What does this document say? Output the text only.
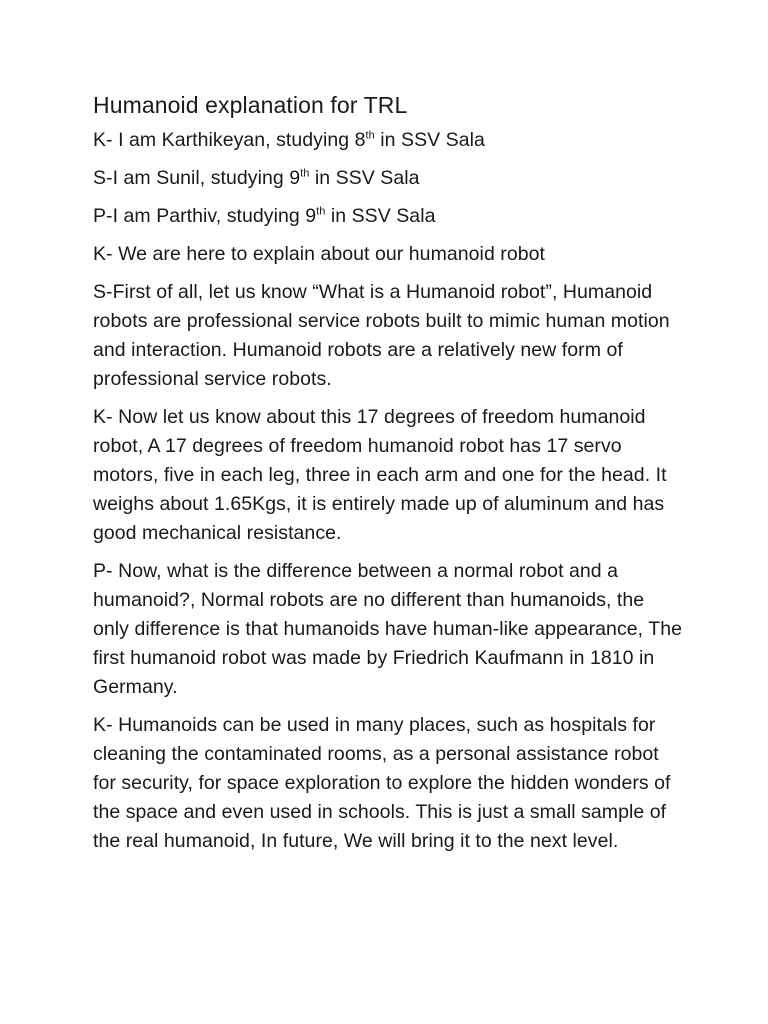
Humanoid explanation for TRL

K- I am Karthikeyan, studying 8th in SSV Sala

S-I am Sunil, studying 9th in SSV Sala

P-I am Parthiv, studying 9th in SSV Sala

K- We are here to explain about our humanoid robot

S-First of all, let us know “What is a Humanoid robot”, Humanoid robots are professional service robots built to mimic human motion and interaction. Humanoid robots are a relatively new form of professional service robots.

K- Now let us know about this 17 degrees of freedom humanoid robot, A 17 degrees of freedom humanoid robot has 17 servo motors, five in each leg, three in each arm and one for the head. It weighs about 1.65Kgs, it is entirely made up of aluminum and has good mechanical resistance.

P- Now, what is the difference between a normal robot and a humanoid?, Normal robots are no different than humanoids, the only difference is that humanoids have human-like appearance, The first humanoid robot was made by Friedrich Kaufmann in 1810 in Germany.

K- Humanoids can be used in many places, such as hospitals for cleaning the contaminated rooms, as a personal assistance robot for security, for space exploration to explore the hidden wonders of the space and even used in schools. This is just a small sample of the real humanoid, In future, We will bring it to the next level.
